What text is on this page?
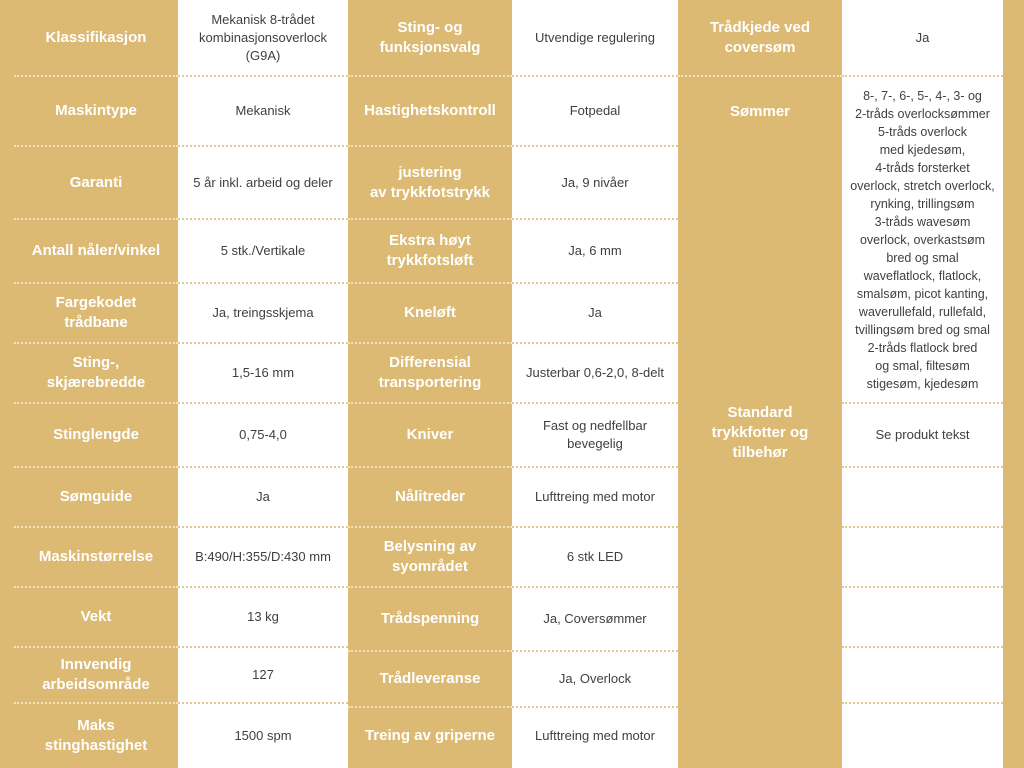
Klassifikasjon
Maskintype
Garanti
Antall nåler/vinkel
Fargekodet
trådbane
Sting-,
skjærebredde
Stinglengde
Sømguide
Maskinstørrelse
Vekt
Innvendig
arbeidsområde
Maks
stinghastighet
Mekanisk 8-trådet
kombinasjonsoverlock (G9A)
Mekanisk
5 år inkl. arbeid og deler
5 stk./Vertikale
Ja, treingsskjema
1,5-16 mm
0,75-4,0
Ja
B:490/H:355/D:430 mm
13 kg
127
1500 spm
Sting- og
funksjonsvalg
Hastighetskontroll
justering
av trykkfotstrykk
Ekstra høyt
trykkfotsløft
Kneløft
Differensial
transportering
Kniver
Nålitreder
Belysning av
syområdet
Trådspenning
Trådleveranse
Treing av griperne
Utvendige regulering
Fotpedal
Ja, 9 nivåer
Ja, 6 mm
Ja
Justerbar 0,6-2,0, 8-delt
Fast og nedfellbar
bevegelig
Lufttreing med motor
6 stk LED
Ja, Coversømmer
Ja, Overlock
Lufttreing med motor
Trådkjede ved
coversøm
Sømmer
Standard
trykkfotter og
tilbehør
Ja
8-, 7-, 6-, 5-, 4-, 3- og
2-tråds overlocksømmer
5-tråds overlock
med kjedesøm,
4-tråds forsterket
overlock, stretch overlock,
rynking, trillingsøm
3-tråds wavesøm
overlock, overkastsøm
bred og smal
waveflatlock, flatlock,
smalsøm, picot kanting,
waverullefald, rullefald,
tvillingsøm bred og smal
2-tråds flatlock bred
og smal, filtesøm
stigesøm, kjedesøm
Se produkt tekst
